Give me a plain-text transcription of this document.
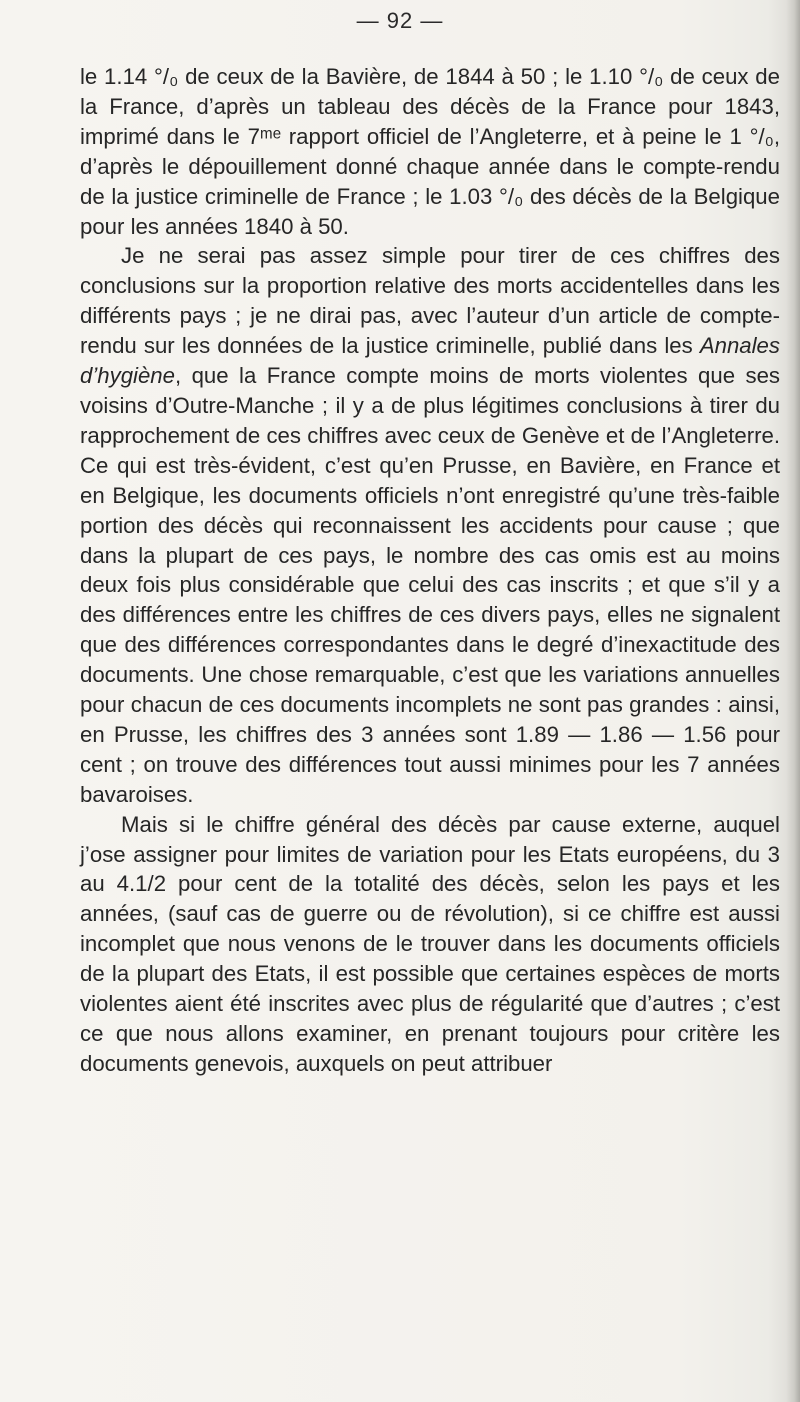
— 92 —

le 1.14 °/₀ de ceux de la Bavière, de 1844 à 50 ; le 1.10 °/₀ de ceux de la France, d’après un tableau des décès de la France pour 1843, imprimé dans le 7ᵐᵉ rapport officiel de l’Angleterre, et à peine le 1 °/₀, d’après le dépouillement donné chaque année dans le compte-rendu de la justice criminelle de France ; le 1.03 °/₀ des décès de la Belgique pour les années 1840 à 50.

Je ne serai pas assez simple pour tirer de ces chiffres des conclusions sur la proportion relative des morts accidentelles dans les différents pays ; je ne dirai pas, avec l’auteur d’un article de compte-rendu sur les données de la justice criminelle, publié dans les Annales d’hygiène, que la France compte moins de morts violentes que ses voisins d’Outre-Manche ; il y a de plus légitimes conclusions à tirer du rapprochement de ces chiffres avec ceux de Genève et de l’Angleterre. Ce qui est très-évident, c’est qu’en Prusse, en Bavière, en France et en Belgique, les documents officiels n’ont enregistré qu’une très-faible portion des décès qui reconnaissent les accidents pour cause ; que dans la plupart de ces pays, le nombre des cas omis est au moins deux fois plus considérable que celui des cas inscrits ; et que s’il y a des différences entre les chiffres de ces divers pays, elles ne signalent que des différences correspondantes dans le degré d’inexactitude des documents. Une chose remarquable, c’est que les variations annuelles pour chacun de ces documents incomplets ne sont pas grandes : ainsi, en Prusse, les chiffres des 3 années sont 1.89 — 1.86 — 1.56 pour cent ; on trouve des différences tout aussi minimes pour les 7 années bavaroises.

Mais si le chiffre général des décès par cause externe, auquel j’ose assigner pour limites de variation pour les Etats européens, du 3 au 4.1/2 pour cent de la totalité des décès, selon les pays et les années, (sauf cas de guerre ou de révolution), si ce chiffre est aussi incomplet que nous venons de le trouver dans les documents officiels de la plupart des Etats, il est possible que certaines espèces de morts violentes aient été inscrites avec plus de régularité que d’autres ; c’est ce que nous allons examiner, en prenant toujours pour critère les documents genevois, auxquels on peut attribuer
